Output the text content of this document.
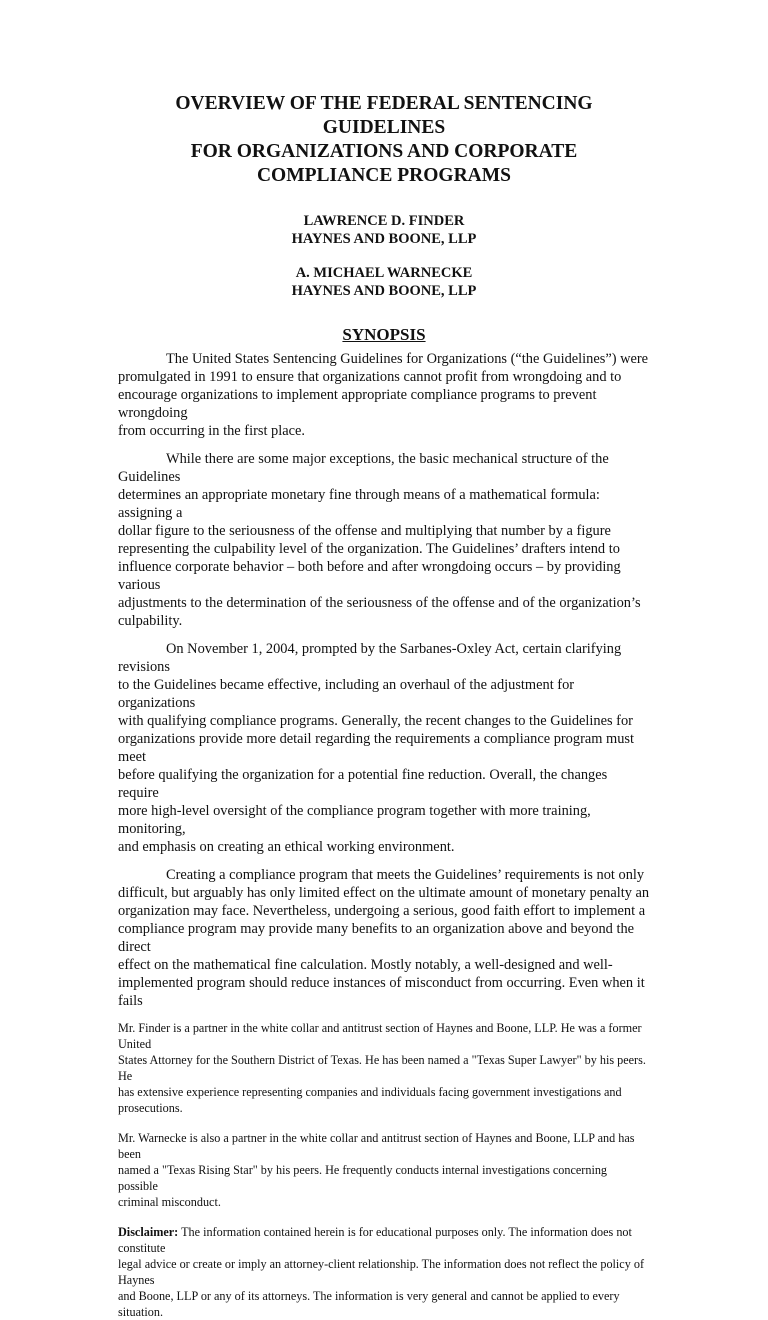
OVERVIEW OF THE FEDERAL SENTENCING GUIDELINES
FOR ORGANIZATIONS AND CORPORATE
COMPLIANCE PROGRAMS
LAWRENCE D. FINDER
HAYNES AND BOONE, LLP
A. MICHAEL WARNECKE
HAYNES AND BOONE, LLP
SYNOPSIS
The United States Sentencing Guidelines for Organizations (“the Guidelines”) were
promulgated in 1991 to ensure that organizations cannot profit from wrongdoing and to
encourage organizations to implement appropriate compliance programs to prevent wrongdoing
from occurring in the first place.
While there are some major exceptions, the basic mechanical structure of the Guidelines
determines an appropriate monetary fine through means of a mathematical formula: assigning a
dollar figure to the seriousness of the offense and multiplying that number by a figure
representing the culpability level of the organization. The Guidelines’ drafters intend to
influence corporate behavior – both before and after wrongdoing occurs – by providing various
adjustments to the determination of the seriousness of the offense and of the organization’s
culpability.
On November 1, 2004, prompted by the Sarbanes-Oxley Act, certain clarifying revisions
to the Guidelines became effective, including an overhaul of the adjustment for organizations
with qualifying compliance programs. Generally, the recent changes to the Guidelines for
organizations provide more detail regarding the requirements a compliance program must meet
before qualifying the organization for a potential fine reduction. Overall, the changes require
more high-level oversight of the compliance program together with more training, monitoring,
and emphasis on creating an ethical working environment.
Creating a compliance program that meets the Guidelines’ requirements is not only
difficult, but arguably has only limited effect on the ultimate amount of monetary penalty an
organization may face. Nevertheless, undergoing a serious, good faith effort to implement a
compliance program may provide many benefits to an organization above and beyond the direct
effect on the mathematical fine calculation. Mostly notably, a well-designed and well-
implemented program should reduce instances of misconduct from occurring. Even when it fails
Mr. Finder is a partner in the white collar and antitrust section of Haynes and Boone, LLP. He was a former United
States Attorney for the Southern District of Texas. He has been named a "Texas Super Lawyer" by his peers. He
has extensive experience representing companies and individuals facing government investigations and
prosecutions.
Mr. Warnecke is also a partner in the white collar and antitrust section of Haynes and Boone, LLP and has been
named a "Texas Rising Star" by his peers. He frequently conducts internal investigations concerning possible
criminal misconduct.
Disclaimer: The information contained herein is for educational purposes only. The information does not constitute
legal advice or create or imply an attorney-client relationship. The information does not reflect the policy of Haynes
and Boone, LLP or any of its attorneys. The information is very general and cannot be applied to every situation.
